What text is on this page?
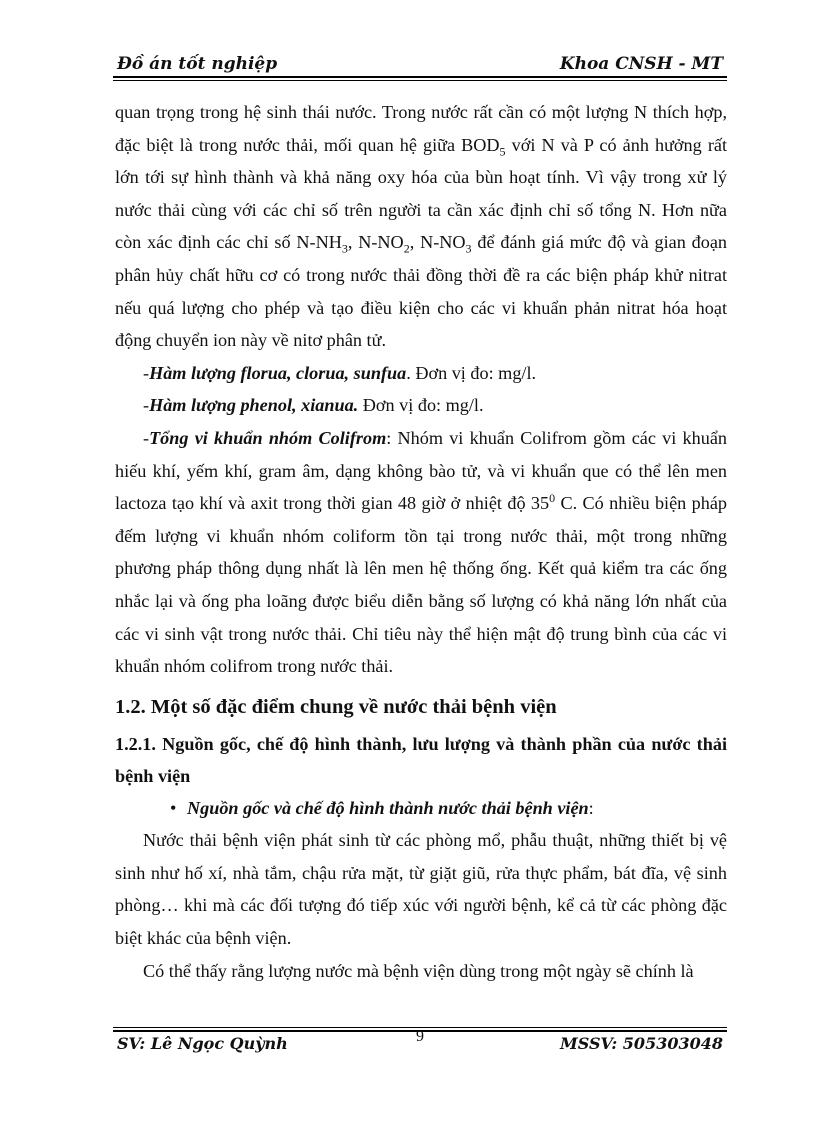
Đồ án tốt nghiệp	Khoa CNSH - MT

quan trọng trong hệ sinh thái nước. Trong nước rất cần có một lượng N thích hợp, đặc biệt là trong nước thải, mối quan hệ giữa $BOD_5$ với N và P có ảnh hưởng rất lớn tới sự hình thành và khả năng oxy hóa của bùn hoạt tính. Vì vậy trong xử lý nước thải cùng với các chỉ số trên người ta cần xác định chỉ số tổng N. Hơn nữa còn xác định các chỉ số $N-NH_3$, $N-NO_2$, $N-NO_3$ để đánh giá mức độ và gian đoạn phân hủy chất hữu cơ có trong nước thải đồng thời đề ra các biện pháp khử nitrat nếu quá lượng cho phép và tạo điều kiện cho các vi khuẩn phản nitrat hóa hoạt động chuyển ion này về nitơ phân tử.

-Hàm lượng florua, clorua, sunfua. Đơn vị đo: mg/l.

-Hàm lượng phenol, xianua. Đơn vị đo: mg/l.

-Tổng vi khuẩn nhóm Colifrom: Nhóm vi khuẩn Colifrom gồm các vi khuẩn hiếu khí, yếm khí, gram âm, dạng không bào tử, và vi khuẩn que có thể lên men lactoza tạo khí và axit trong thời gian 48 giờ ở nhiệt độ $35^0$ C. Có nhiều biện pháp đếm lượng vi khuẩn nhóm coliform tồn tại trong nước thải, một trong những phương pháp thông dụng nhất là lên men hệ thống ống. Kết quả kiểm tra các ống nhắc lại và ống pha loãng được biểu diễn bằng số lượng có khả năng lớn nhất của các vi sinh vật trong nước thải. Chỉ tiêu này thể hiện mật độ trung bình của các vi khuẩn nhóm colifrom trong nước thải.

1.2. Một số đặc điểm chung về nước thải bệnh viện

1.2.1. Nguồn gốc, chế độ hình thành, lưu lượng và thành phần của nước thải bệnh viện

• Nguồn gốc và chế độ hình thành nước thải bệnh viện:

Nước thải bệnh viện phát sinh từ các phòng mổ, phẫu thuật, những thiết bị vệ sinh như hố xí, nhà tắm, chậu rửa mặt, từ giặt giũ, rửa thực phẩm, bát đĩa, vệ sinh phòng… khi mà các đối tượng đó tiếp xúc với người bệnh, kể cả từ các phòng đặc biệt khác của bệnh viện.

Có thể thấy rằng lượng nước mà bệnh viện dùng trong một ngày sẽ chính là

SV: Lê Ngọc Quỳnh	9	MSSV: 505303048
